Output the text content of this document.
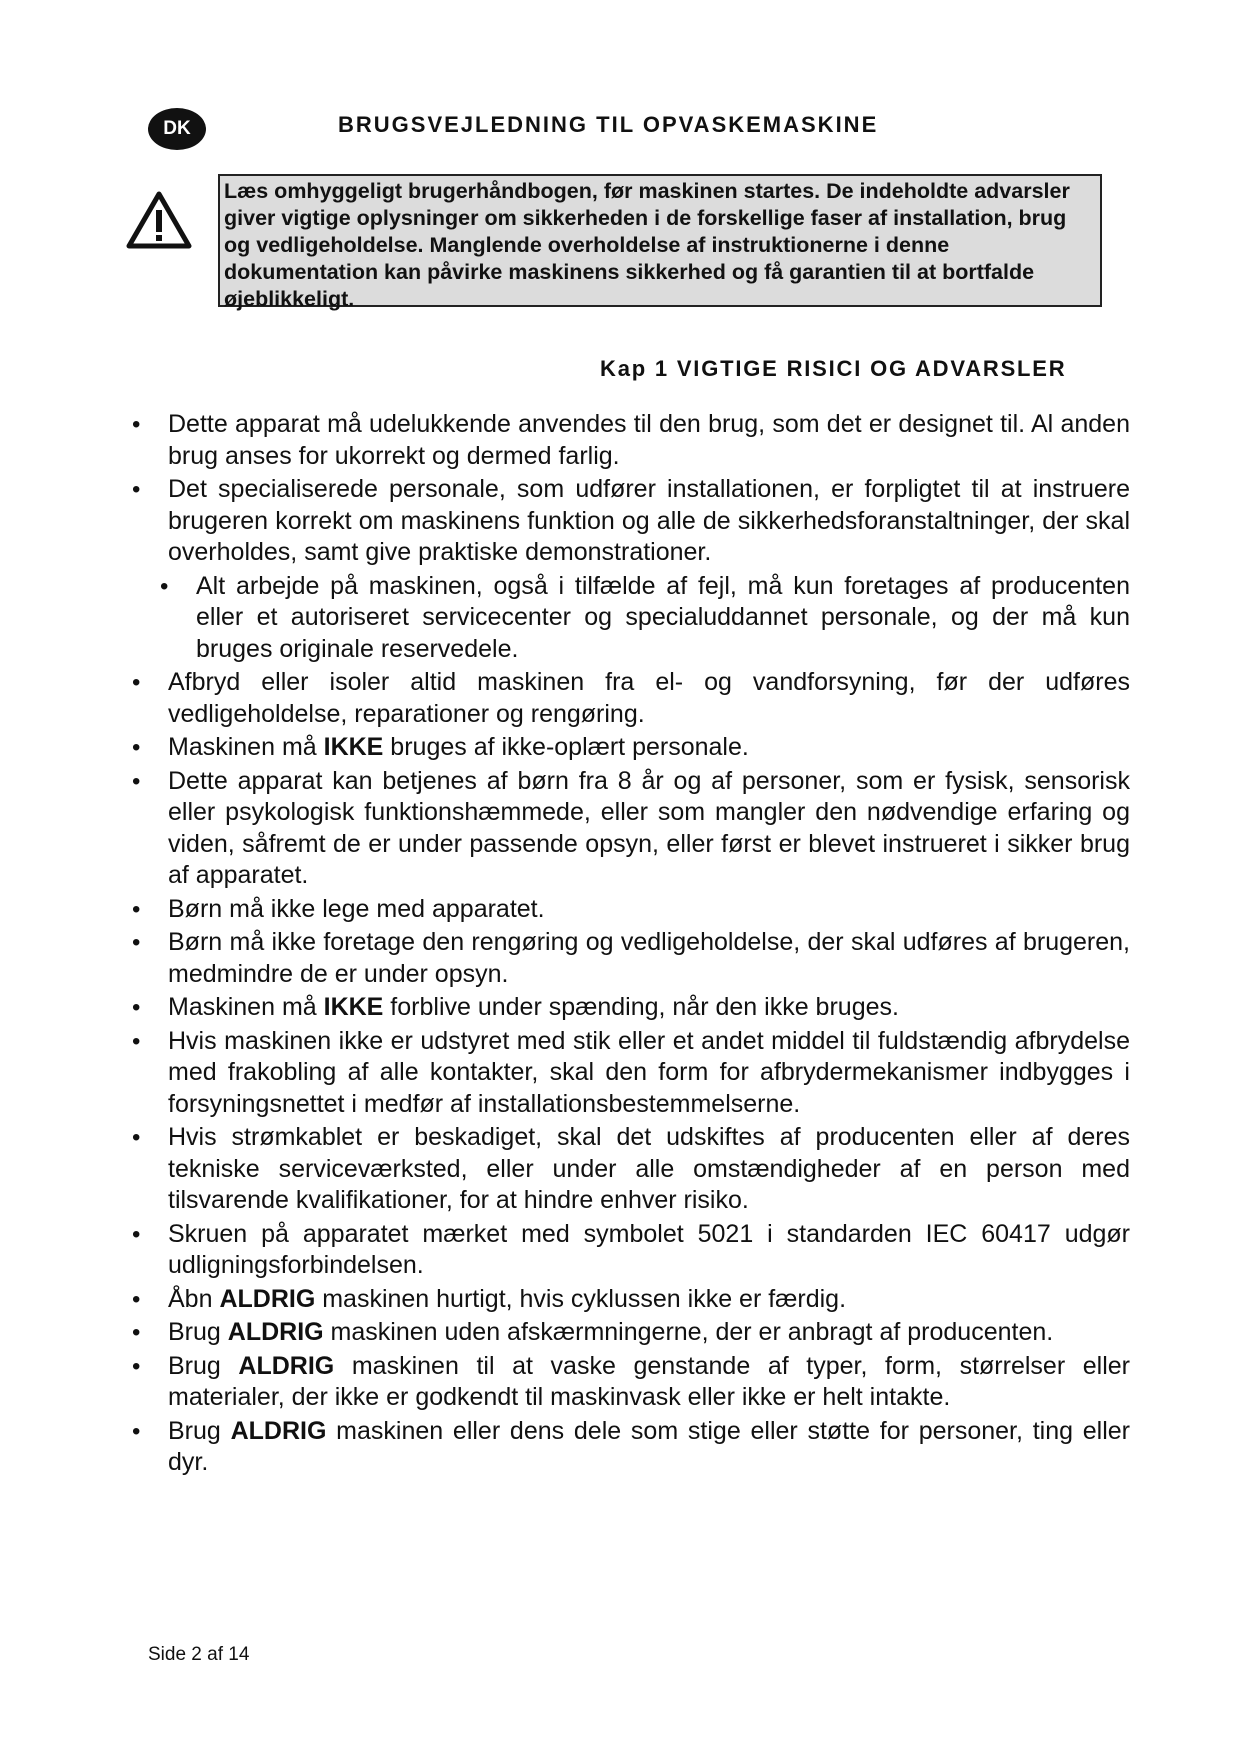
DK	BRUGSVEJLEDNING TIL OPVASKEMASKINE
Læs omhyggeligt brugerhåndbogen, før maskinen startes. De indeholdte advarsler giver vigtige oplysninger om sikkerheden i de forskellige faser af installation, brug og vedligeholdelse. Manglende overholdelse af instruktionerne i denne dokumentation kan påvirke maskinens sikkerhed og få garantien til at bortfalde øjeblikkeligt.
Kap 1 VIGTIGE RISICI OG ADVARSLER
• Dette apparat må udelukkende anvendes til den brug, som det er designet til. Al anden brug anses for ukorrekt og dermed farlig.
• Det specialiserede personale, som udfører installationen, er forpligtet til at instruere brugeren korrekt om maskinens funktion og alle de sikkerhedsforanstaltninger, der skal overholdes, samt give praktiske demonstrationer.
• Alt arbejde på maskinen, også i tilfælde af fejl, må kun foretages af producenten eller et autoriseret servicecenter og specialuddannet personale, og der må kun bruges originale reservedele.
• Afbryd eller isoler altid maskinen fra el- og vandforsyning, før der udføres vedligeholdelse, reparationer og rengøring.
• Maskinen må IKKE bruges af ikke-oplært personale.
• Dette apparat kan betjenes af børn fra 8 år og af personer, som er fysisk, sensorisk eller psykologisk funktionshæmmede, eller som mangler den nødvendige erfaring og viden, såfremt de er under passende opsyn, eller først er blevet instrueret i sikker brug af apparatet.
• Børn må ikke lege med apparatet.
• Børn må ikke foretage den rengøring og vedligeholdelse, der skal udføres af brugeren, medmindre de er under opsyn.
• Maskinen må IKKE forblive under spænding, når den ikke bruges.
• Hvis maskinen ikke er udstyret med stik eller et andet middel til fuldstændig afbrydelse med frakobling af alle kontakter, skal den form for afbrydermekanismer indbygges i forsyningsnettet i medfør af installationsbestemmelserne.
• Hvis strømkablet er beskadiget, skal det udskiftes af producenten eller af deres tekniske serviceværksted, eller under alle omstændigheder af en person med tilsvarende kvalifikationer, for at hindre enhver risiko.
• Skruen på apparatet mærket med symbolet 5021 i standarden IEC 60417 udgør udligningsforbindelsen.
• Åbn ALDRIG maskinen hurtigt, hvis cyklussen ikke er færdig.
• Brug ALDRIG maskinen uden afskærmningerne, der er anbragt af producenten.
• Brug ALDRIG maskinen til at vaske genstande af typer, form, størrelser eller materialer, der ikke er godkendt til maskinvask eller ikke er helt intakte.
• Brug ALDRIG maskinen eller dens dele som stige eller støtte for personer, ting eller dyr.
Side 2 af 14
